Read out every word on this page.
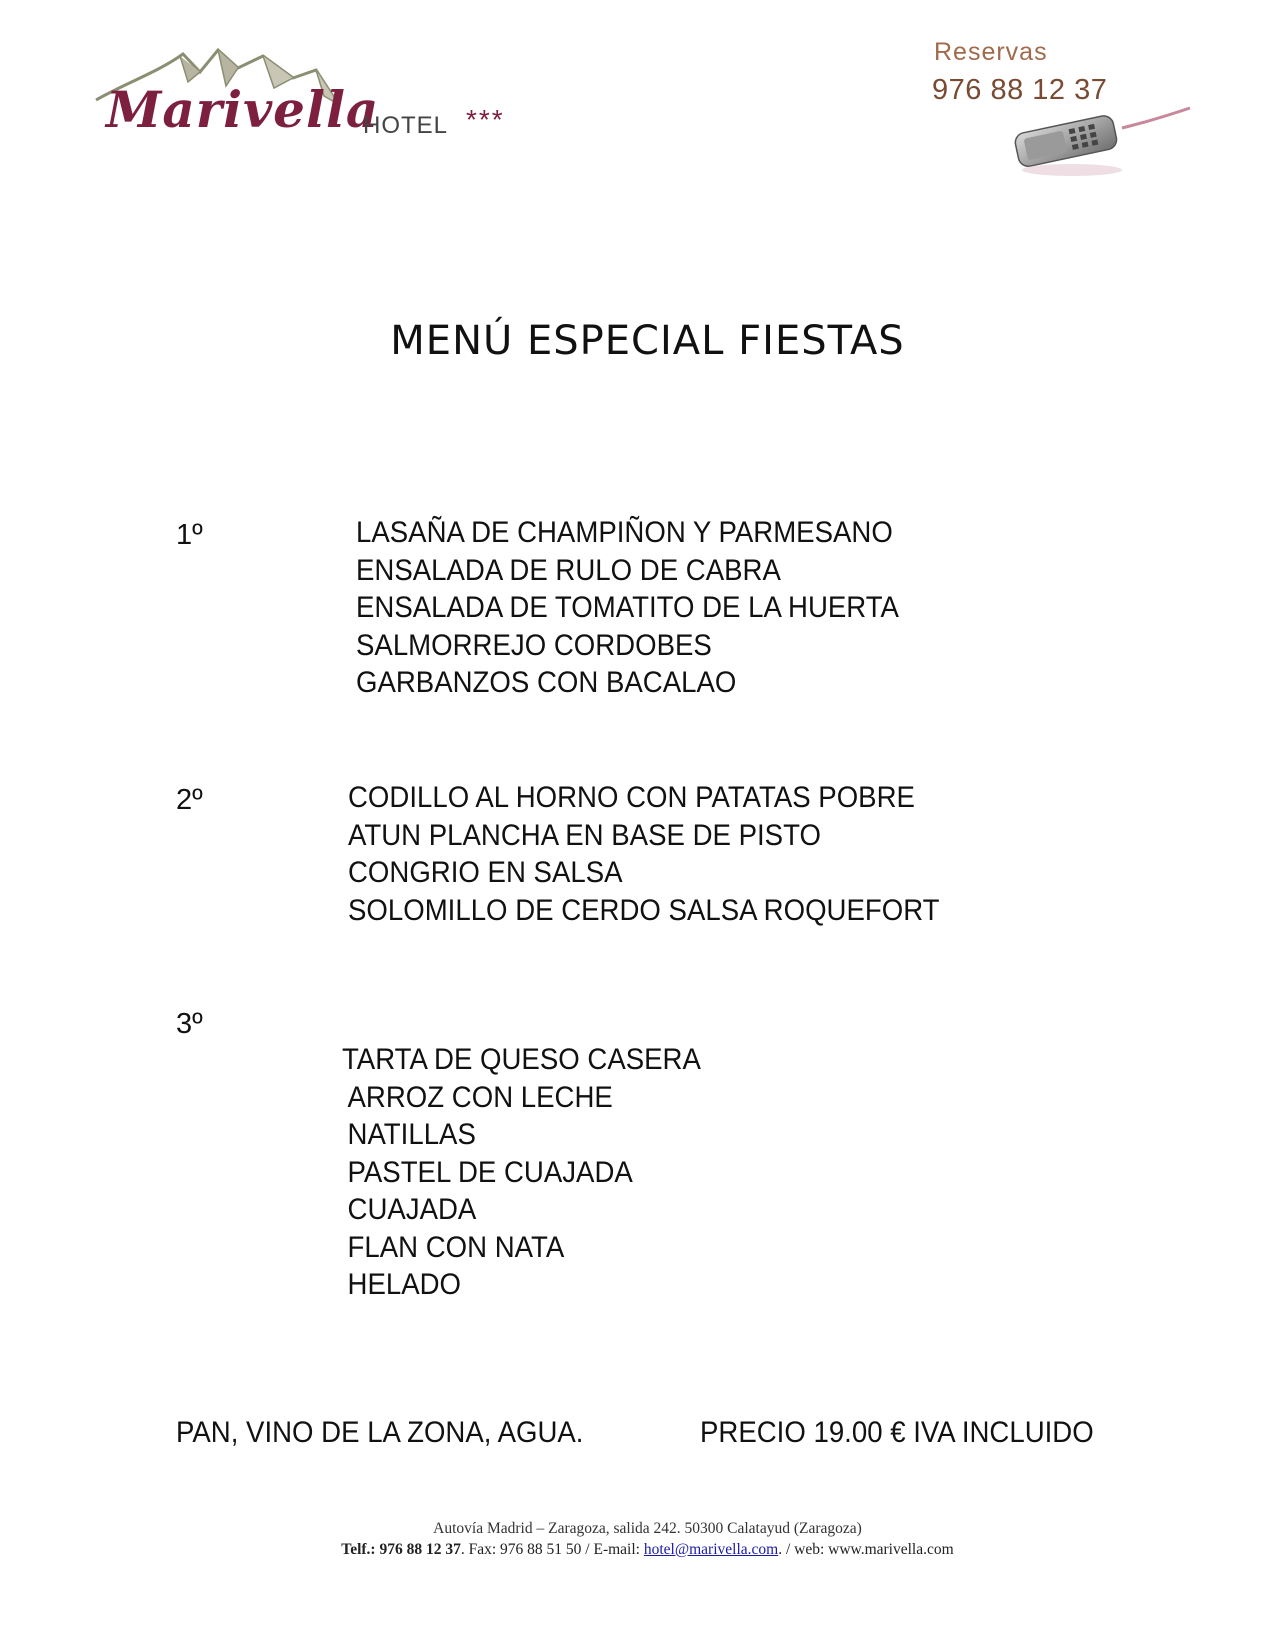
Marivella
HOTEL ***
Reservas
976 88 12 37
MENÚ ESPECIAL FIESTAS
1º	LASAÑA DE CHAMPIÑON Y PARMESANO
ENSALADA DE RULO DE CABRA
ENSALADA DE TOMATITO DE LA HUERTA
SALMORREJO CORDOBES
GARBANZOS CON BACALAO
2º	CODILLO AL HORNO CON PATATAS POBRE
ATUN PLANCHA EN BASE DE PISTO
CONGRIO EN SALSA
SOLOMILLO DE CERDO SALSA ROQUEFORT
3º
TARTA DE QUESO CASERA
ARROZ CON LECHE
NATILLAS
PASTEL DE CUAJADA
CUAJADA
FLAN CON NATA
HELADO
PAN, VINO DE LA ZONA, AGUA.	PRECIO 19.00 € IVA INCLUIDO
Autovía Madrid – Zaragoza, salida 242. 50300 Calatayud (Zaragoza)
Telf.: 976 88 12 37. Fax: 976 88 51 50 / E-mail: hotel@marivella.com. / web: www.marivella.com
